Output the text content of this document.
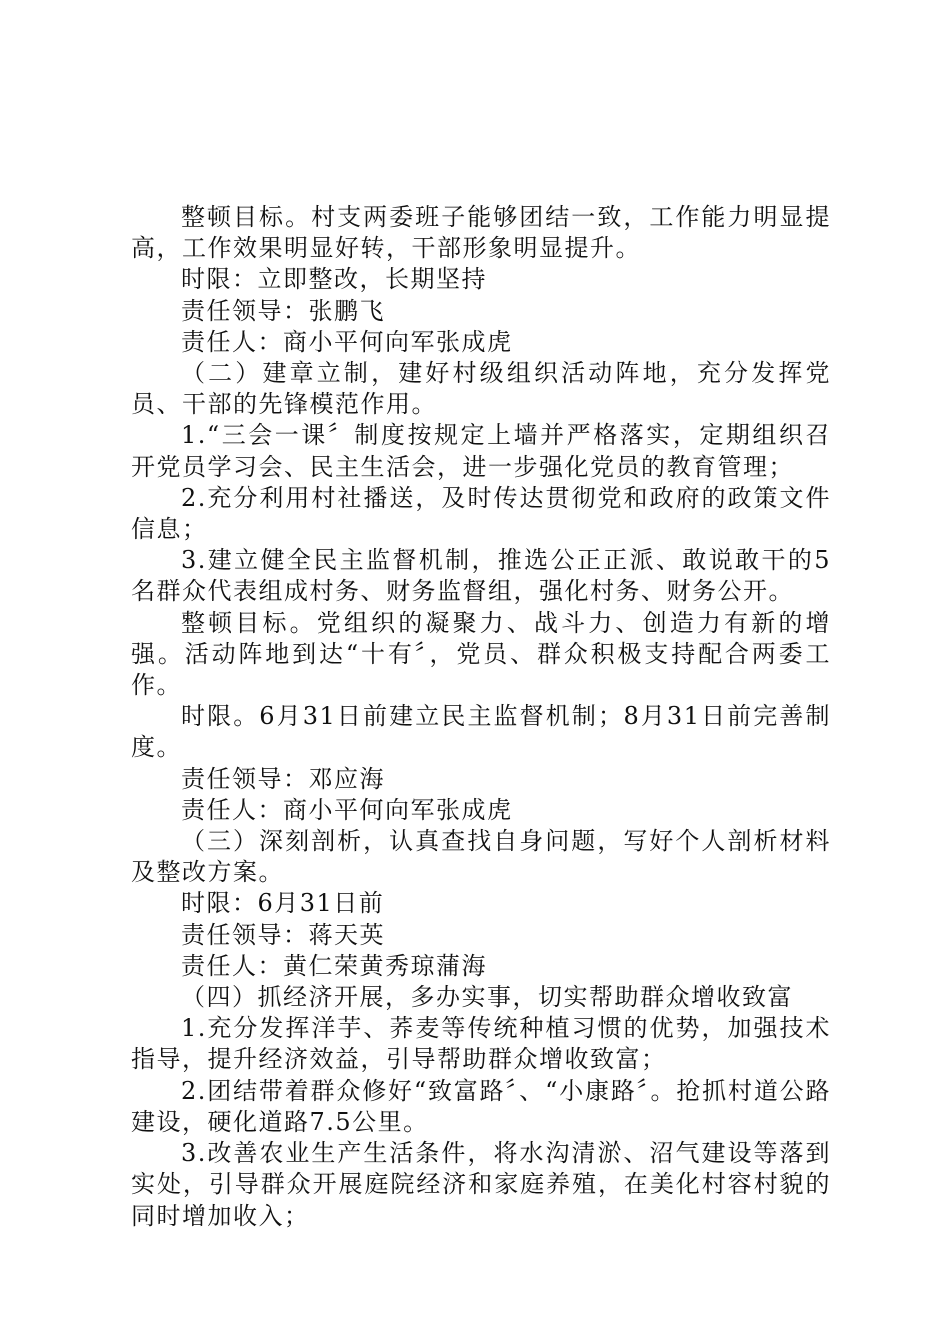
整顿目标。村支两委班子能够团结一致，工作能力明显提高，工作效果明显好转，干部形象明显提升。

时限：立即整改，长期坚持

责任领导：张鹏飞

责任人：商小平何向军张成虎

（二）建章立制，建好村级组织活动阵地，充分发挥党员、干部的先锋模范作用。

1.“三会一课〞制度按规定上墙并严格落实，定期组织召开党员学习会、民主生活会，进一步强化党员的教育管理；

2.充分利用村社播送，及时传达贯彻党和政府的政策文件信息；

3.建立健全民主监督机制，推选公正正派、敢说敢干的5名群众代表组成村务、财务监督组，强化村务、财务公开。

整顿目标。党组织的凝聚力、战斗力、创造力有新的增强。活动阵地到达“十有〞，党员、群众积极支持配合两委工作。

时限。6月31日前建立民主监督机制；8月31日前完善制度。

责任领导：邓应海

责任人：商小平何向军张成虎

（三）深刻剖析，认真查找自身问题，写好个人剖析材料及整改方案。

时限：6月31日前

责任领导：蒋天英

责任人：黄仁荣黄秀琼蒲海

（四）抓经济开展，多办实事，切实帮助群众增收致富

1.充分发挥洋芋、荞麦等传统种植习惯的优势，加强技术指导，提升经济效益，引导帮助群众增收致富；

2.团结带着群众修好“致富路〞、“小康路〞。抢抓村道公路建设，硬化道路7.5公里。

3.改善农业生产生活条件，将水沟清淤、沼气建设等落到实处，引导群众开展庭院经济和家庭养殖，在美化村容村貌的同时增加收入；
